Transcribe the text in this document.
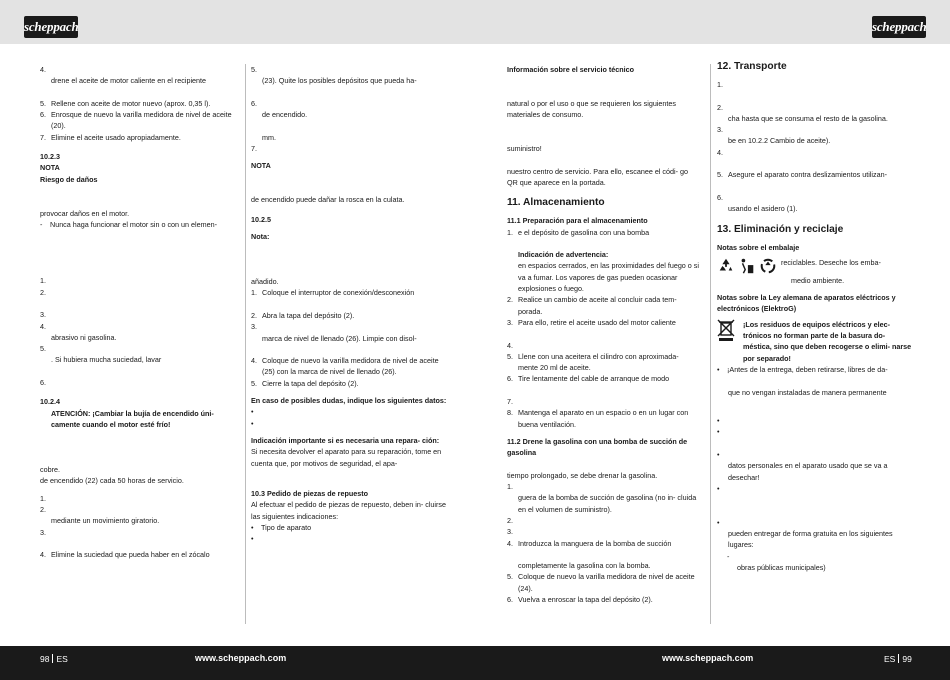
scheppach	scheppach
4.

drene el aceite de motor caliente en el recipiente

5. Rellene con aceite de motor nuevo (aprox. 0,35 l).
6. Enrosque de nuevo la varilla medidora de nivel de aceite (20).
7. Elimine el aceite usado apropiadamente.
10.2.3
NOTA
Riesgo de daños

provocar daños en el motor.
-	Nunca haga funcionar el motor sin o con un elemen-

1.

2.

3.

4.

abrasivo ni gasolina.
5.

. Si hubiera mucha suciedad, lavar

6.

10.2.4
ATENCIÓN: ¡Cambiar la bujía de encendido úni- camente cuando el motor esté frío!

cobre.
de encendido (22) cada 50 horas de servicio.
1.

2.

mediante un movimiento giratorio.
3.

4. Elimine la suciedad que pueda haber en el zócalo
5.

(23). Quite los posibles depósitos que pueda ha-

6.

de encendido.

mm.
7.

NOTA

de encendido puede dañar la rosca en la culata.
10.2.5
Nota:

añadido.
1. Coloque el interruptor de conexión/desconexión

2. Abra la tapa del depósito (2).
3.

marca de nivel de llenado (26). Limpie con disol-

4. Coloque de nuevo la varilla medidora de nivel de aceite (25) con la marca de nivel de llenado (26).
5. Cierre la tapa del depósito (2).
En caso de posibles dudas, indique los siguientes datos:
•

•

Indicación importante si es necesaria una repara- ción:
Si necesita devolver el aparato para su reparación, tome en cuenta que, por motivos de seguridad, el apa-

10.3 Pedido de piezas de repuesto
Al efectuar el pedido de piezas de repuesto, deben in- cluirse las siguientes indicaciones:
•	Tipo de aparato
•

Información sobre el servicio técnico

natural o por el uso o que se requieren los siguientes materiales de consumo.

suministro!

nuestro centro de servicio. Para ello, escanee el códi- go QR que aparece en la portada.
11. Almacenamiento
11.1 Preparación para el almacenamiento
1. e el depósito de gasolina con una bomba

Indicación de advertencia:
en espacios cerrados, en las proximidades del fuego o si va a fumar. Los vapores de gas pueden ocasionar explosiones o fuego.
2. Realice un cambio de aceite al concluir cada tem- porada.
3. Para ello, retire el aceite usado del motor caliente

4.

5. Llene con una aceitera el cilindro con aproximada- mente 20 ml de aceite.
6. Tire lentamente del cable de arranque de modo

7.

8. Mantenga el aparato en un espacio o en un lugar con buena ventilación.
11.2 Drene la gasolina con una bomba de succión de gasolina

tiempo prolongado, se debe drenar la gasolina.
1.

guera de la bomba de succión de gasolina (no in- cluida en el volumen de suministro).
2.

3.

4. Introduzca la manguera de la bomba de succión

completamente la gasolina con la bomba.
5. Coloque de nuevo la varilla medidora de nivel de aceite (24).
6. Vuelva a enroscar la tapa del depósito (2).
12. Transporte
1.

2.

cha hasta que se consuma el resto de la gasolina.
3.

be en 10.2.2 Cambio de aceite).
4.

5. Asegure el aparato contra deslizamientos utilizan-

6.

usando el asidero (1).
13. Eliminación y reciclaje
Notas sobre el embalaje
reciclables. Deseche los emba-
medio ambiente.
Notas sobre la Ley alemana de aparatos eléctricos y electrónicos (ElektroG)
¡Los residuos de equipos eléctricos y elec- trónicos no forman parte de la basura do- méstica, sino que deben recogerse o elimi- narse por separado!
•	¡Antes de la entrega, deben retirarse, libres de da-

que no vengan instaladas de manera permanente

•

•

•

datos personales en el aparato usado que se va a desechar!
•

•

pueden entregar de forma gratuita en los siguientes lugares:
-

obras públicas municipales)
98 ES	www.scheppach.com	www.scheppach.com	ES 99
